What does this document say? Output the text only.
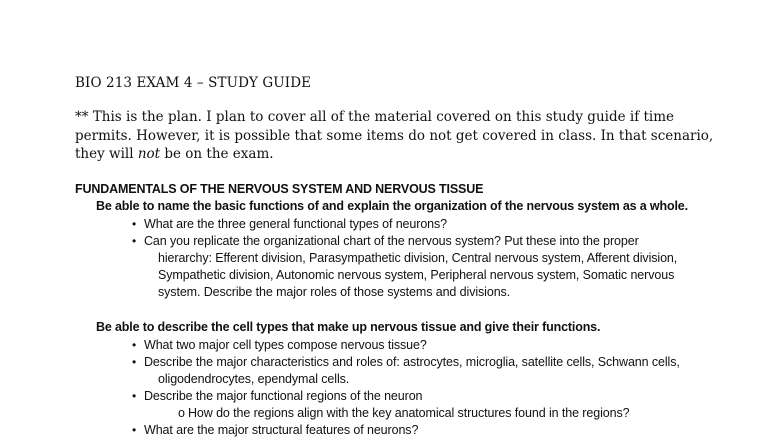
BIO 213 EXAM 4 – STUDY GUIDE
** This is the plan. I plan to cover all of the material covered on this study guide if time permits. However, it is possible that some items do not get covered in class. In that scenario, they will not be on the exam.
FUNDAMENTALS OF THE NERVOUS SYSTEM AND NERVOUS TISSUE
Be able to name the basic functions of and explain the organization of the nervous system as a whole.
• What are the three general functional types of neurons?
• Can you replicate the organizational chart of the nervous system? Put these into the proper
hierarchy: Efferent division, Parasympathetic division, Central nervous system, Afferent division,
Sympathetic division, Autonomic nervous system, Peripheral nervous system, Somatic nervous
system. Describe the major roles of those systems and divisions.
Be able to describe the cell types that make up nervous tissue and give their functions.
• What two major cell types compose nervous tissue?
• Describe the major characteristics and roles of: astrocytes, microglia, satellite cells, Schwann cells,
oligodendrocytes, ependymal cells.
• Describe the major functional regions of the neuron
o How do the regions align with the key anatomical structures found in the regions?
• What are the major structural features of neurons?
